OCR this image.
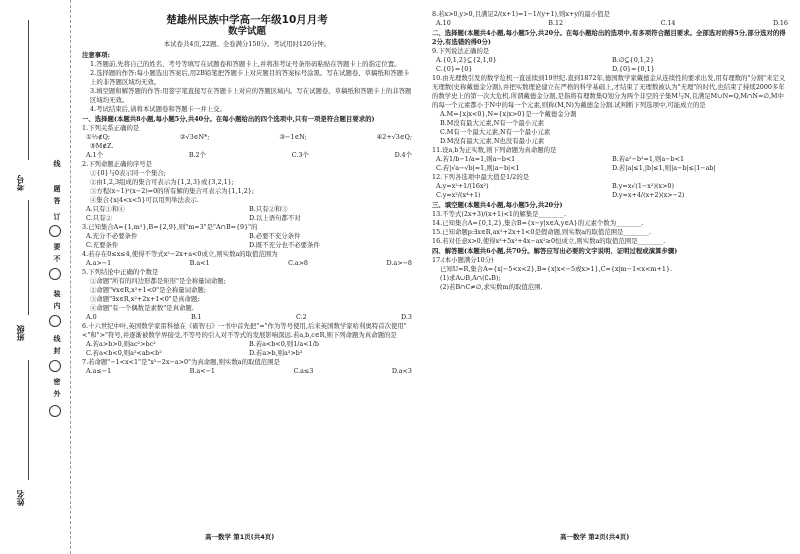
考号
班级
姓名
线
题
答
订
要
不
装
内
线
封
密
外
楚雄州民族中学高一年级10月月考
数学试题
本试卷共4页,22题。全卷满分150分。考试用时120分钟。
注意事项:

1.答题前,先将自己的姓名、考号等填写在试题卷和答题卡上,并将准考证号条形码粘贴在答题卡上的指定位置。

2.选择题的作答:每小题选出答案后,用2B铅笔把答题卡上对应题目的答案标号涂黑。写在试题卷、草稿纸和答题卡上的非答题区域均无效。

3.填空题和解答题的作答:用签字笔直接写在答题卡上对应的答题区域内。写在试题卷、草稿纸和答题卡上的非答题区域均无效。

4.考试结束后,请将本试题卷和答题卡一并上交。

一、选择题(本题共8小题,每小题5分,共40分。在每小题给出的四个选项中,只有一项是符合题目要求的)

1.下列关系正确的是

①½∉Q;	②√3∈N*;	③−1∈N;	④2+√3∈Q;

⑤M∉Z.

A.1个	B.2个	C.3个	D.4个

2.下列命题正确的序号是

①{0}与0表示同一个集合;

②由1,2,3组成的集合可表示为{1,2,3}或{3,2,1};

③方程(x−1)²(x−2)=0的所有解的集合可表示为{1,1,2};

④集合{x|4<x<5}可以用列举法表示.

A.只有①和④	B.只有②和③
C.只有②	D.以上语句都不对

3.已知集合A={1,m²},B={2,9},则"m=3"是"A∩B={9}"的

A.充分不必要条件	B.必要不充分条件
C.充要条件	D.既不充分也不必要条件

4.若存在0≤x≤4,使得不等式x²−2x+a<0成立,则实数a的取值范围为

A.a>−1	B.a<1	C.a>8	D.a>−8

5.下列结论中正确的个数是

①命题"所有的四边形都是矩形"是全称量词命题;

②命题"∀x∈R,x²+1<0"是全称量词命题;

③命题"∃x∈R,x²+2x+1<0"是真命题;

④命题"有一个偶数是素数"是真命题.

A.0	B.1	C.2	D.3

6.十六世纪中叶,英国数学家雷科德在《砺智石》一书中首先把"="作为等号使用,后来英国数学家哈利奥特首次使用"<"和">"符号,并逐渐被数学界接受,不等号的引入对不等式的发展影响深远.若a,b,c∈R,则下列命题为真命题的是

A.若a>b>0,则ac²>bc²	B.若a<b<0,则1/a<1/b
C.若a<b<0,则a²<ab<b²	D.若a>b,则a³>b³

7.若命题"−1<x<1"是"x²−2x−a>0"为真命题,则实数a的取值范围是

A.a≤−1	B.a<−1	C.a≤3	D.a<3

8.若x>0,y>0,且满足2/(x+1)=1−1/(y+1),则x+y的最小值是

A.10	B.12	C.14	D.16
二、选择题(本题共4小题,每小题5分,共20分。在每小题给出的选项中,有多项符合题目要求。全部选对的得5分,部分选对的得2分,有选错的得0分)

9.下列说法正确的是

A.{0,1,2}⊆{2,1,0}	B.∅⊆{0,1,2}
C.{0}={0}	D.{0}={0,1}

10.由无理数引发的数学危机一直延续到19世纪.直到1872年,德国数学家戴德金从连续性的要求出发,用有理数的"分割"来定义无理数(史称戴德金分割),并把实数理论建立在严格的科学基础上,才结束了无理数被认为"无理"的时代,也结束了持续2000多年的数学史上的第一次大危机.所谓戴德金分割,是指将有理数集Q划分为两个非空的子集M与N,且满足M∪N=Q,M∩N=∅,M中的每一个元素都小于N中的每一个元素,则称(M,N)为戴德金分割.试判断下列选项中,可能成立的是

A.M={x|x<0},N={x|x>0}是一个戴德金分割

B.M没有最大元素,N有一个最小元素

C.M有一个最大元素,N有一个最小元素

D.M没有最大元素,N也没有最小元素

11.设a,b为正实数,则下列命题为真命题的是

A.若1/b−1/a=1,则a−b<1	B.若a²−b²=1,则a−b<1
C.若|√a−√b|=1,则|a−b|<1	D.若|a|≤1,|b|≤1,则|a−b|≤|1−ab|

12.下列各选项中最大值是1/2的是

A.y=x²+1/(16x²)	B.y=x√(1−x²)(x>0)
C.y=x²/(x⁴+1)	D.y=x+4/(x+2)(x>−2)
三、填空题(本题共4小题,每小题5分,共20分)

13.不等式(2x+3)/(x+1)<1的解集是________.

14.已知集合A={0,1,2},集合B={x−y|x∈A,y∈A}的元素个数为________.

15.已知命题p:∃x∈R,ax²+2x+1<0是假命题,则实数a的取值范围是________.

16.若对任意x>0,使得x³+5x²+4x−ax²≥0恒成立,则实数a的取值范围是________.

四、解答题(本题共6小题,共70分。解答应写出必要的文字说明、证明过程或演算步骤)

17.(本小题满分10分)

已知U=R,集合A={x|−5<x<2},B={x|x<−5或x>1},C={x|m−1<x<m+1}.

(1)求A∪B,A∩(∁ᵤB);

(2)若B∩C≠∅,求实数m的取值范围.

高一数学 第1页(共4页)	高一数学 第2页(共4页)
